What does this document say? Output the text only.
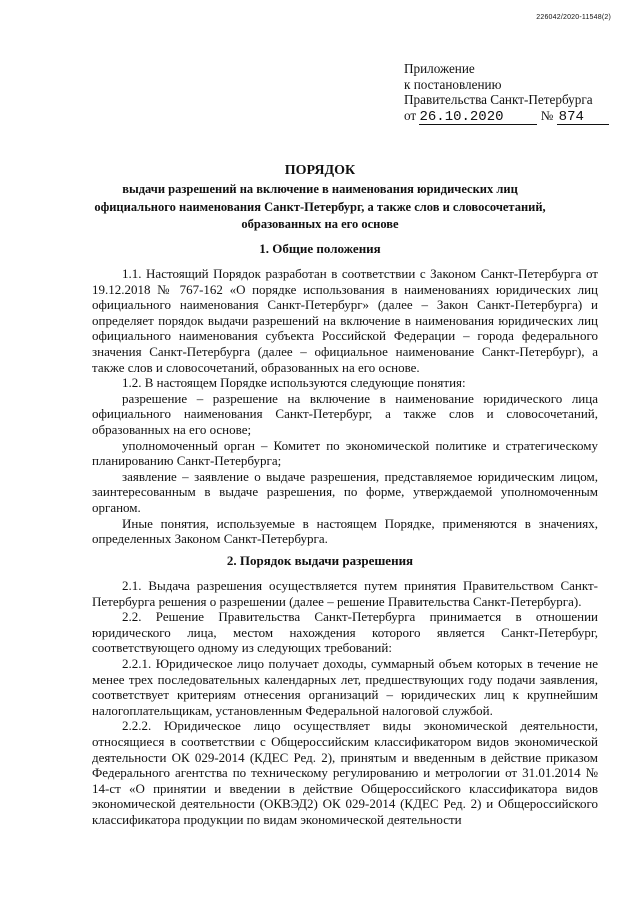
226042/2020-11548(2)
Приложение
к постановлению
Правительства Санкт-Петербурга
от 26.10.2020	№ 874
ПОРЯДОК
выдачи разрешений на включение в наименования юридических лиц официального наименования Санкт-Петербург, а также слов и словосочетаний, образованных на его основе
1. Общие положения

1.1. Настоящий Порядок разработан в соответствии с Законом Санкт-Петербурга от 19.12.2018 № 767-162 «О порядке использования в наименованиях юридических лиц официального наименования Санкт-Петербург» (далее – Закон Санкт-Петербурга) и определяет порядок выдачи разрешений на включение в наименования юридических лиц официального наименования субъекта Российской Федерации – города федерального значения Санкт-Петербурга (далее – официальное наименование Санкт-Петербург), а также слов и словосочетаний, образованных на его основе.

1.2. В настоящем Порядке используются следующие понятия:

разрешение – разрешение на включение в наименование юридического лица официального наименования Санкт-Петербург, а также слов и словосочетаний, образованных на его основе;

уполномоченный орган – Комитет по экономической политике и стратегическому планированию Санкт-Петербурга;

заявление – заявление о выдаче разрешения, представляемое юридическим лицом, заинтересованным в выдаче разрешения, по форме, утверждаемой уполномоченным органом.

Иные понятия, используемые в настоящем Порядке, применяются в значениях, определенных Законом Санкт-Петербурга.

2. Порядок выдачи разрешения

2.1. Выдача разрешения осуществляется путем принятия Правительством Санкт-Петербурга решения о разрешении (далее – решение Правительства Санкт-Петербурга).

2.2. Решение Правительства Санкт-Петербурга принимается в отношении юридического лица, местом нахождения которого является Санкт-Петербург, соответствующего одному из следующих требований:

2.2.1. Юридическое лицо получает доходы, суммарный объем которых в течение не менее трех последовательных календарных лет, предшествующих году подачи заявления, соответствует критериям отнесения организаций – юридических лиц к крупнейшим налогоплательщикам, установленным Федеральной налоговой службой.

2.2.2. Юридическое лицо осуществляет виды экономической деятельности, относящиеся в соответствии с Общероссийским классификатором видов экономической деятельности ОК 029-2014 (КДЕС Ред. 2), принятым и введенным в действие приказом Федерального агентства по техническому регулированию и метрологии от 31.01.2014 № 14-ст «О принятии и введении в действие Общероссийского классификатора видов экономической деятельности (ОКВЭД2) ОК 029-2014 (КДЕС Ред. 2) и Общероссийского классификатора продукции по видам экономической деятельности
